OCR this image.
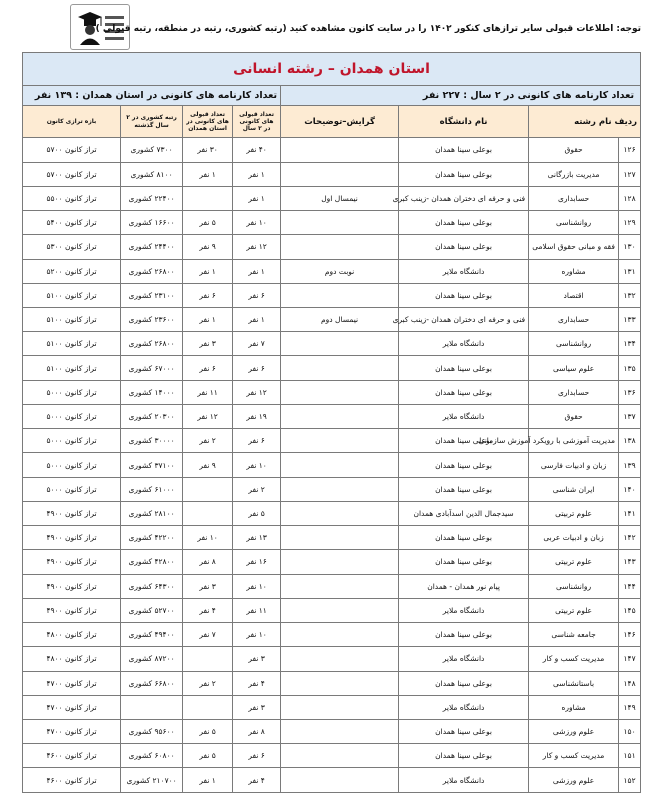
توجه: اطلاعات قبولی سایر ترازهای کنکور ۱۴۰۲ را در سایت کانون مشاهده کنید (رتبه کشوری، رتبه در منطقه، رتبه قبولی )
استان همدان – رشته انسانی							
تعداد کارنامه های کانونی در ۲ سال : ۲۲۷ نفر				تعداد کارنامه های کانونی در استان همدان : ۱۳۹ نفر			
ردیف نام رشته		نام دانشگاه	گرایش–توضیحات	تعداد قبولی های کانونی در ۲ سال	تعداد قبولی های کانونی در استان همدان	رتبه کشوری در ۲ سال گذشته	بازه ترازی کانون
۱۲۶	حقوق	بوعلی سینا همدان		۴۰ نفر	۳۰ نفر	۷۳۰۰ کشوری	تراز کانون ۵۷۰۰
۱۲۷	مدیریت بازرگانی	بوعلی سینا همدان		۱ نفر	۱ نفر	۸۱۰۰ کشوری	تراز کانون ۵۷۰۰
۱۲۸	حسابداری	فنی و حرفه ای دختران همدان -زینب کبری	نیمسال اول	۱ نفر		۲۲۴۰۰ کشوری	تراز کانون ۵۵۰۰
۱۲۹	روانشناسی	بوعلی سینا همدان		۱۰ نفر	۵ نفر	۱۶۶۰۰ کشوری	تراز کانون ۵۴۰۰
۱۳۰	فقه و مبانی حقوق اسلامی	بوعلی سینا همدان		۱۲ نفر	۹ نفر	۲۴۴۰۰ کشوری	تراز کانون ۵۳۰۰
۱۳۱	مشاوره	دانشگاه ملایر	نوبت دوم	۱ نفر	۱ نفر	۲۶۸۰۰ کشوری	تراز کانون ۵۲۰۰
۱۳۲	اقتصاد	بوعلی سینا همدان		۶ نفر	۶ نفر	۲۳۱۰۰ کشوری	تراز کانون ۵۱۰۰
۱۳۳	حسابداری	فنی و حرفه ای دختران همدان -زینب کبری	نیمسال دوم	۱ نفر	۱ نفر	۲۳۶۰۰ کشوری	تراز کانون ۵۱۰۰
۱۳۴	روانشناسی	دانشگاه ملایر		۷ نفر	۳ نفر	۲۶۸۰۰ کشوری	تراز کانون ۵۱۰۰
۱۳۵	علوم سیاسی	بوعلی سینا همدان		۶ نفر	۶ نفر	۶۷۰۰۰ کشوری	تراز کانون ۵۱۰۰
۱۳۶	حسابداری	بوعلی سینا همدان		۱۲ نفر	۱۱ نفر	۱۴۰۰۰ کشوری	تراز کانون ۵۰۰۰
۱۳۷	حقوق	دانشگاه ملایر		۱۹ نفر	۱۲ نفر	۲۰۳۰۰ کشوری	تراز کانون ۵۰۰۰
۱۳۸	مدیریت آموزشی با رویکرد آموزش سازمانی	بوعلی سینا همدان		۶ نفر	۲ نفر	۳۰۰۰۰ کشوری	تراز کانون ۵۰۰۰
۱۳۹	زبان و ادبیات فارسی	بوعلی سینا همدان		۱۰ نفر	۹ نفر	۳۷۱۰۰ کشوری	تراز کانون ۵۰۰۰
۱۴۰	ایران شناسی	بوعلی سینا همدان		۲ نفر		۶۱۰۰۰ کشوری	تراز کانون ۵۰۰۰
۱۴۱	علوم تربیتی	سیدجمال الدین اسدآبادی همدان		۵ نفر		۲۸۱۰۰ کشوری	تراز کانون ۴۹۰۰
۱۴۲	زبان و ادبیات عربی	بوعلی سینا همدان		۱۳ نفر	۱۰ نفر	۴۲۲۰۰ کشوری	تراز کانون ۴۹۰۰
۱۴۳	علوم تربیتی	بوعلی سینا همدان		۱۶ نفر	۸ نفر	۴۲۸۰۰ کشوری	تراز کانون ۴۹۰۰
۱۴۴	روانشناسی	پیام نور همدان - همدان		۱۰ نفر	۳ نفر	۶۴۳۰۰ کشوری	تراز کانون ۴۹۰۰
۱۴۵	علوم تربیتی	دانشگاه ملایر		۱۱ نفر	۴ نفر	۵۲۷۰۰ کشوری	تراز کانون ۴۹۰۰
۱۴۶	جامعه شناسی	بوعلی سینا همدان		۱۰ نفر	۷ نفر	۴۹۴۰۰ کشوری	تراز کانون ۴۸۰۰
۱۴۷	مدیریت کسب و کار	دانشگاه ملایر		۳ نفر		۸۷۲۰۰ کشوری	تراز کانون ۴۸۰۰
۱۴۸	باستانشناسی	بوعلی سینا همدان		۴ نفر	۲ نفر	۶۶۸۰۰ کشوری	تراز کانون ۴۷۰۰
۱۴۹	مشاوره	دانشگاه ملایر		۳ نفر			تراز کانون ۴۷۰۰
۱۵۰	علوم ورزشی	بوعلی سینا همدان		۸ نفر	۵ نفر	۹۵۶۰۰ کشوری	تراز کانون ۴۷۰۰
۱۵۱	مدیریت کسب و کار	بوعلی سینا همدان		۶ نفر	۵ نفر	۶۰۸۰۰ کشوری	تراز کانون ۴۶۰۰
۱۵۲	علوم ورزشی	دانشگاه ملایر		۴ نفر	۱ نفر	۲۱۰۷۰۰ کشوری	تراز کانون ۴۶۰۰
